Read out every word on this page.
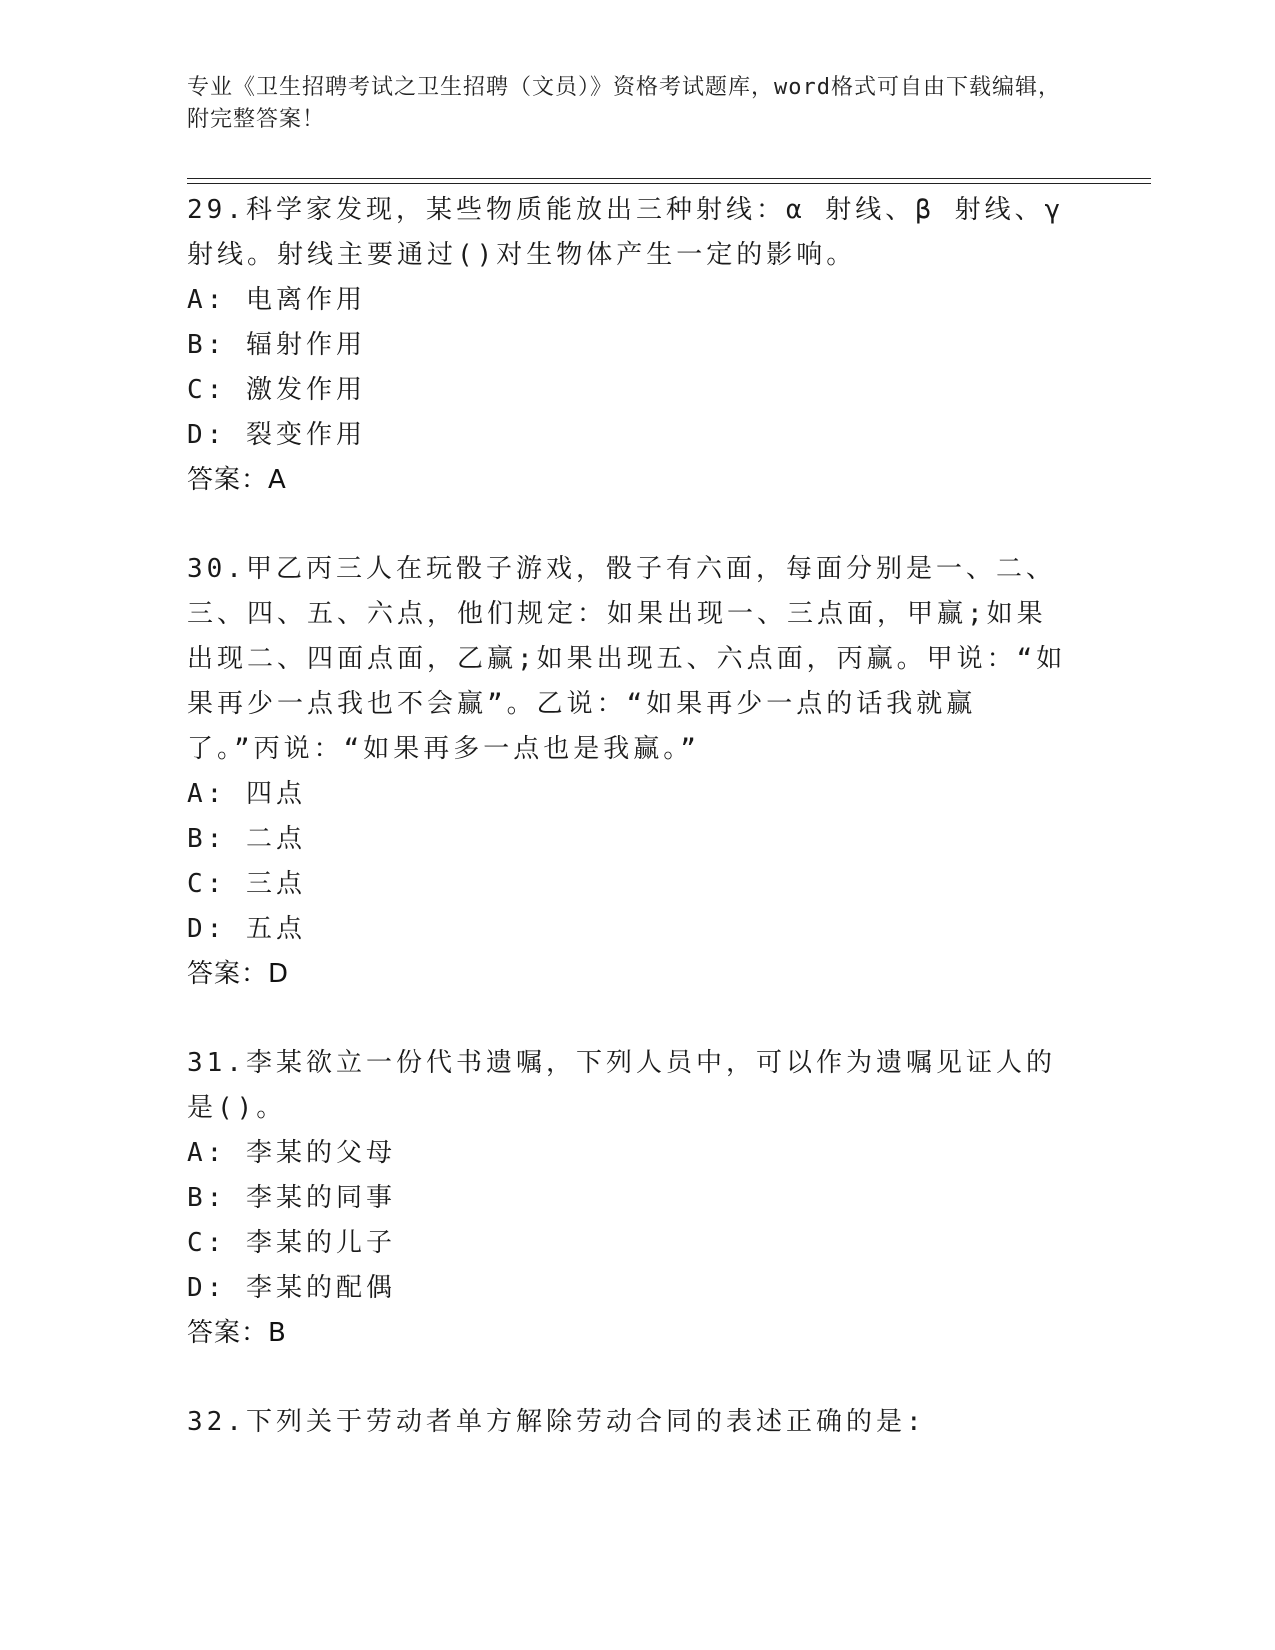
专业《卫生招聘考试之卫生招聘（文员）》资格考试题库，word格式可自由下载编辑，附完整答案！
29.科学家发现，某些物质能放出三种射线：α 射线、β 射线、γ 射线。射线主要通过()对生物体产生一定的影响。
A: 电离作用
B: 辐射作用
C: 激发作用
D: 裂变作用
答案：A
30.甲乙丙三人在玩骰子游戏，骰子有六面，每面分别是一、二、三、四、五、六点，他们规定：如果出现一、三点面，甲赢;如果出现二、四面点面，乙赢;如果出现五、六点面，丙赢。甲说：“如果再少一点我也不会赢”。乙说：“如果再少一点的话我就赢了。”丙说：“如果再多一点也是我赢。”
A: 四点
B: 二点
C: 三点
D: 五点
答案：D
31.李某欲立一份代书遗嘱，下列人员中，可以作为遗嘱见证人的是()。
A: 李某的父母
B: 李某的同事
C: 李某的儿子
D: 李某的配偶
答案：B
32.下列关于劳动者单方解除劳动合同的表述正确的是:
